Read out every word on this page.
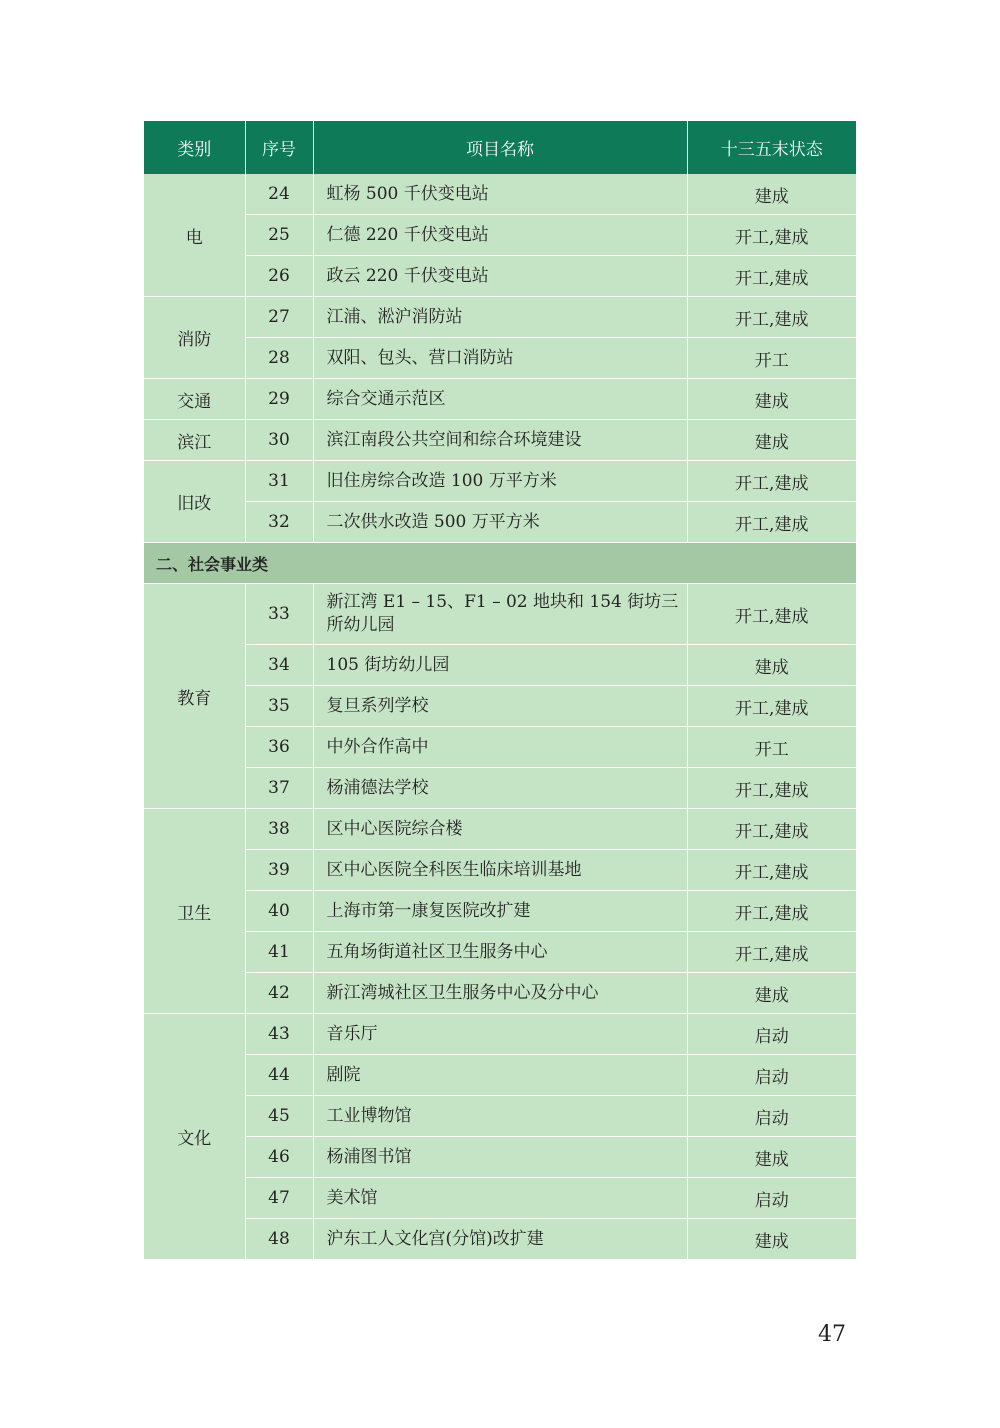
类别	序号	项目名称	十三五末状态
电	24	虹杨 500 千伏变电站	建成
	25	仁德 220 千伏变电站	开工,建成
	26	政云 220 千伏变电站	开工,建成
消防	27	江浦、淞沪消防站	开工,建成
	28	双阳、包头、营口消防站	开工
交通	29	综合交通示范区	建成
滨江	30	滨江南段公共空间和综合环境建设	建成
旧改	31	旧住房综合改造 100 万平方米	开工,建成
	32	二次供水改造 500 万平方米	开工,建成
二、社会事业类			
教育	33	新江湾 E1 – 15、F1 – 02 地块和 154 街坊三所幼儿园	开工,建成
	34	105 街坊幼儿园	建成
	35	复旦系列学校	开工,建成
	36	中外合作高中	开工
	37	杨浦德法学校	开工,建成
卫生	38	区中心医院综合楼	开工,建成
	39	区中心医院全科医生临床培训基地	开工,建成
	40	上海市第一康复医院改扩建	开工,建成
	41	五角场街道社区卫生服务中心	开工,建成
	42	新江湾城社区卫生服务中心及分中心	建成
文化	43	音乐厅	启动
	44	剧院	启动
	45	工业博物馆	启动
	46	杨浦图书馆	建成
	47	美术馆	启动
	48	沪东工人文化宫(分馆)改扩建	建成
47
